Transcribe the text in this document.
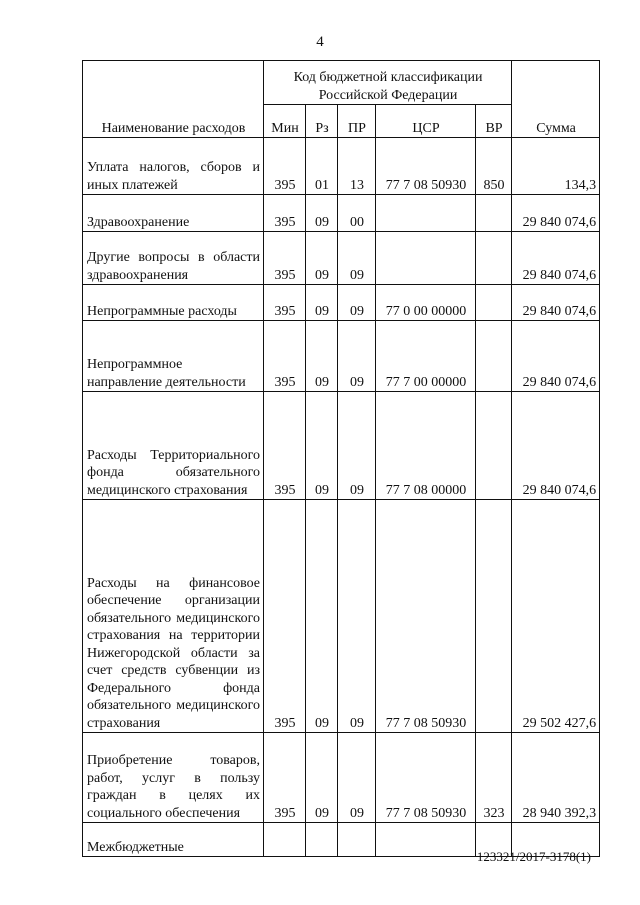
4
Наименование расходов	Код бюджетной классификации Российской Федерации					Сумма
	Мин	Рз	ПР	ЦСР	ВР	
Уплата налогов, сборов и иных платежей	395	01	13	77 7 08 50930	850	134,3
Здравоохранение	395	09	00			29 840 074,6
Другие вопросы в области здравоохранения	395	09	09			29 840 074,6
Непрограммные расходы	395	09	09	77 0 00 00000		29 840 074,6
Непрограммное направление деятельности	395	09	09	77 7 00 00000		29 840 074,6
Расходы Территориального фонда обязательного медицинского страхования	395	09	09	77 7 08 00000		29 840 074,6
Расходы на финансовое обеспечение организации обязательного медицинского страхования на территории Нижегородской области за счет средств субвенции из Федерального фонда обязательного медицинского страхования	395	09	09	77 7 08 50930		29 502 427,6
Приобретение товаров, работ, услуг в пользу граждан в целях их социального обеспечения	395	09	09	77 7 08 50930	323	28 940 392,3
Межбюджетные						
123321/2017-3178(1)
